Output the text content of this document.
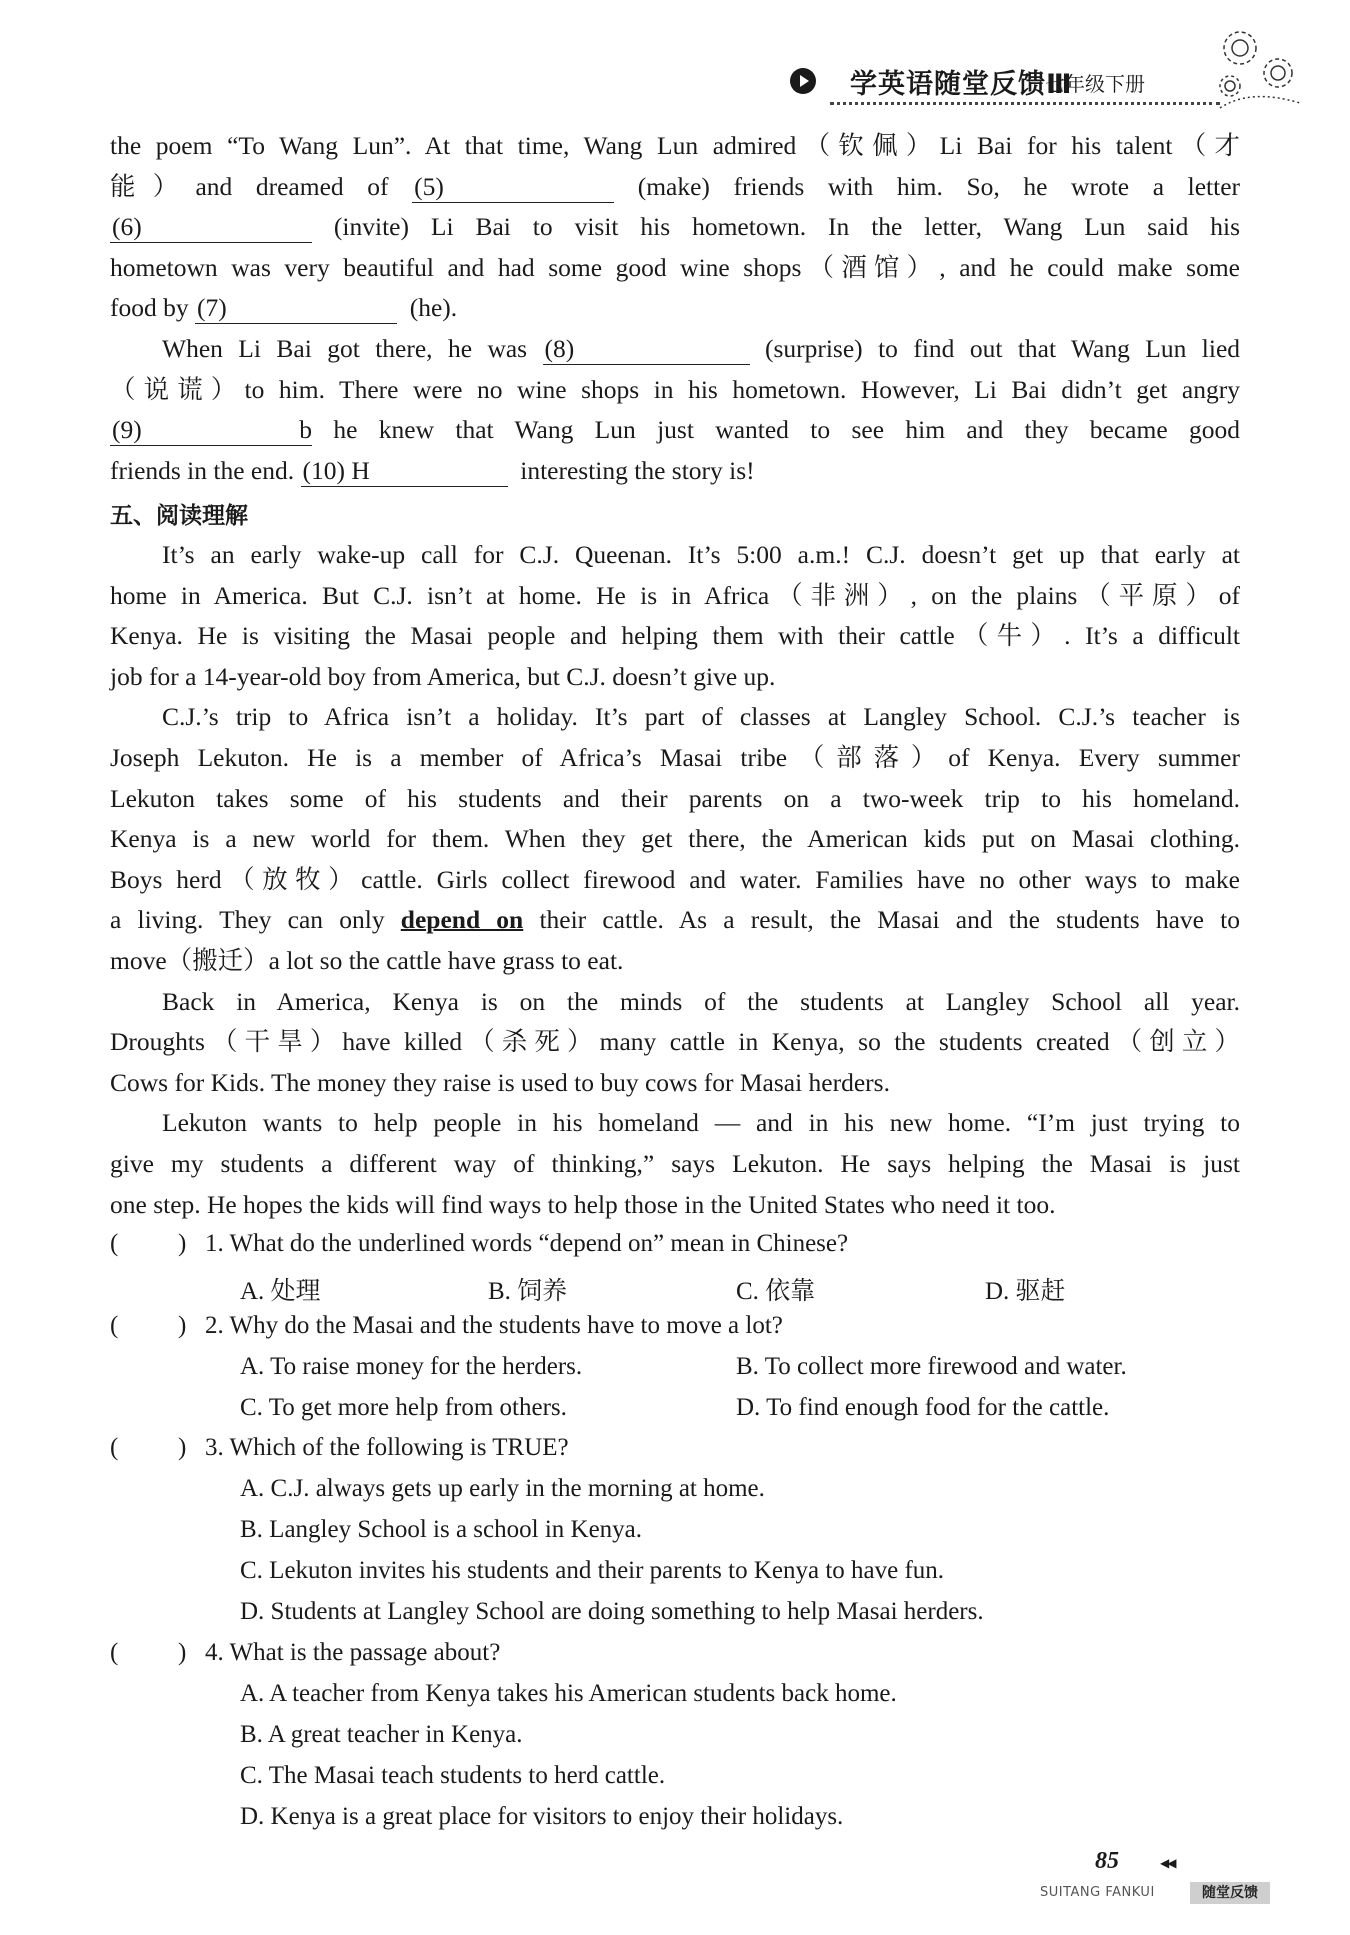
学英语随堂反馈Ⅲ
七年级下册
the poem “To Wang Lun”. At that time, Wang Lun admired（钦佩）Li Bai for his talent（才
能）and dreamed of (5)	(make) friends with him. So, he wrote a letter
(6)	(invite) Li Bai to visit his hometown. In the letter, Wang Lun said his
hometown was very beautiful and had some good wine shops（酒馆）, and he could make some
food by (7)	(he).
When Li Bai got there, he was (8)	(surprise) to find out that Wang Lun lied
（说谎）to him. There were no wine shops in his hometown. However, Li Bai didn’t get angry
(9) b he knew that Wang Lun just wanted to see him and they became good
friends in the end. (10) H	interesting the story is!
五、阅读理解
It’s an early wake-up call for C.J. Queenan. It’s 5:00 a.m.! C.J. doesn’t get up that early at
home in America. But C.J. isn’t at home. He is in Africa（非洲）, on the plains（平原）of
Kenya. He is visiting the Masai people and helping them with their cattle（牛）. It’s a difficult
job for a 14-year-old boy from America, but C.J. doesn’t give up.
C.J.’s trip to Africa isn’t a holiday. It’s part of classes at Langley School. C.J.’s teacher is
Joseph Lekuton. He is a member of Africa’s Masai tribe（部落）of Kenya. Every summer
Lekuton takes some of his students and their parents on a two-week trip to his homeland.
Kenya is a new world for them. When they get there, the American kids put on Masai clothing.
Boys herd（放牧）cattle. Girls collect firewood and water. Families have no other ways to make
a living. They can only depend on their cattle. As a result, the Masai and the students have to
move（搬迁）a lot so the cattle have grass to eat.
Back in America, Kenya is on the minds of the students at Langley School all year.
Droughts（干旱）have killed（杀死）many cattle in Kenya, so the students created（创立）
Cows for Kids. The money they raise is used to buy cows for Masai herders.
Lekuton wants to help people in his homeland — and in his new home. “I’m just trying to
give my students a different way of thinking,” says Lekuton. He says helping the Masai is just
one step. He hopes the kids will find ways to help those in the United States who need it too.
( ) 1. What do the underlined words “depend on” mean in Chinese?
A. 处理	B. 饲养	C. 依靠	D. 驱赶
( ) 2. Why do the Masai and the students have to move a lot?
A. To raise money for the herders.	B. To collect more firewood and water.
C. To get more help from others.	D. To find enough food for the cattle.
( ) 3. Which of the following is TRUE?
A. C.J. always gets up early in the morning at home.
B. Langley School is a school in Kenya.
C. Lekuton invites his students and their parents to Kenya to have fun.
D. Students at Langley School are doing something to help Masai herders.
( ) 4. What is the passage about?
A. A teacher from Kenya takes his American students back home.
B. A great teacher in Kenya.
C. The Masai teach students to herd cattle.
D. Kenya is a great place for visitors to enjoy their holidays.
85	◀◀
SUITANG FANKUI	随堂反馈
